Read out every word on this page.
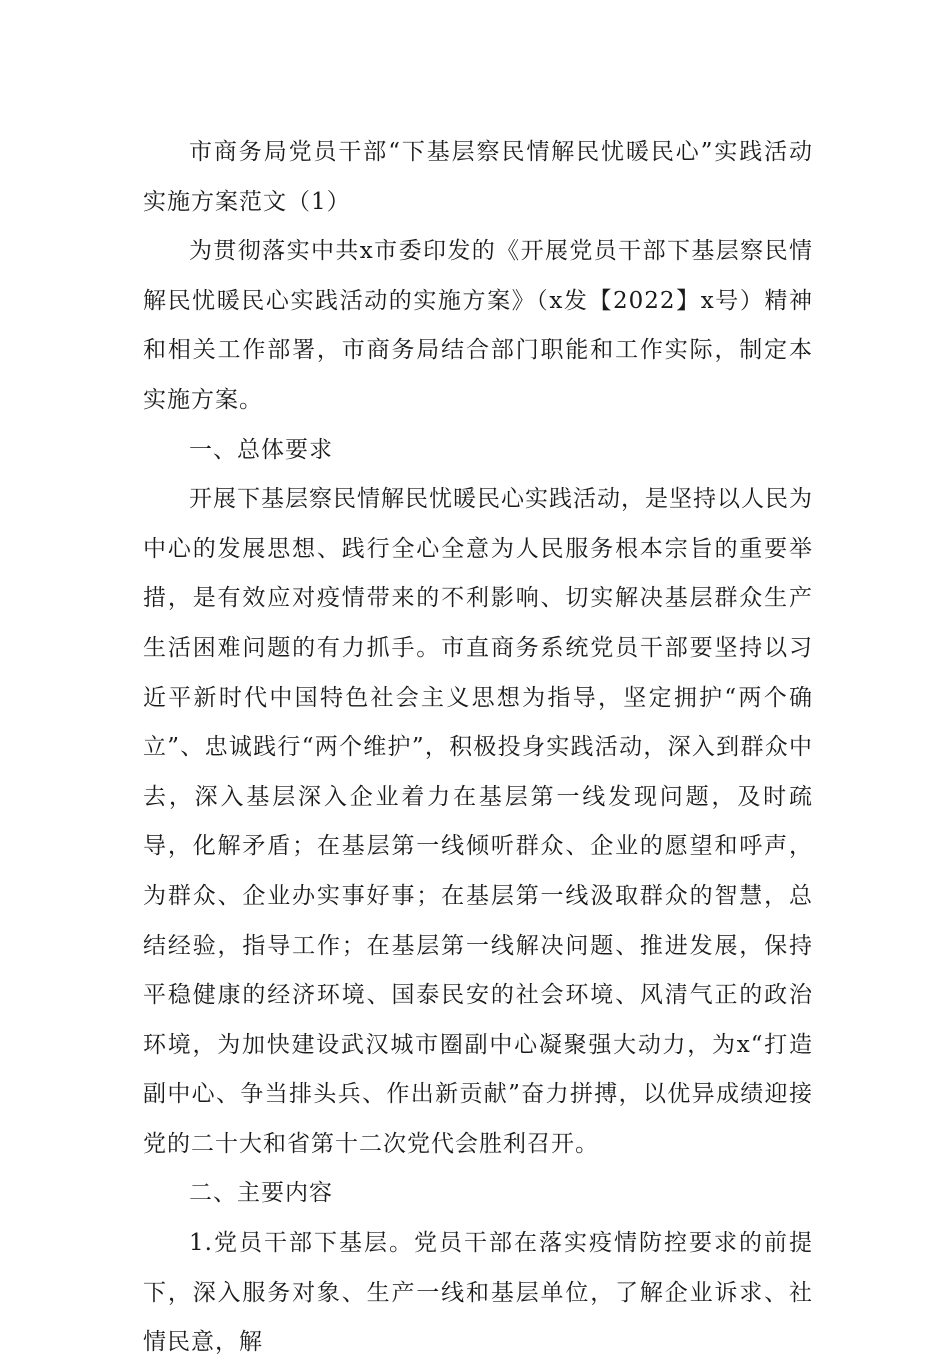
市商务局党员干部“下基层察民情解民忧暖民心”实践活动实施方案范文（1）

为贯彻落实中共x市委印发的《开展党员干部下基层察民情解民忧暖民心实践活动的实施方案》（x发【2022】x号）精神和相关工作部署，市商务局结合部门职能和工作实际，制定本实施方案。

一、总体要求

开展下基层察民情解民忧暖民心实践活动，是坚持以人民为中心的发展思想、践行全心全意为人民服务根本宗旨的重要举措，是有效应对疫情带来的不利影响、切实解决基层群众生产生活困难问题的有力抓手。市直商务系统党员干部要坚持以习近平新时代中国特色社会主义思想为指导，坚定拥护“两个确立”、忠诚践行“两个维护”，积极投身实践活动，深入到群众中去，深入基层深入企业着力在基层第一线发现问题，及时疏导，化解矛盾；在基层第一线倾听群众、企业的愿望和呼声，为群众、企业办实事好事；在基层第一线汲取群众的智慧，总结经验，指导工作；在基层第一线解决问题、推进发展，保持平稳健康的经济环境、国泰民安的社会环境、风清气正的政治环境，为加快建设武汉城市圈副中心凝聚强大动力，为x“打造副中心、争当排头兵、作出新贡献”奋力拼搏，以优异成绩迎接党的二十大和省第十二次党代会胜利召开。

二、主要内容

1.党员干部下基层。党员干部在落实疫情防控要求的前提下，深入服务对象、生产一线和基层单位，了解企业诉求、社情民意，解
